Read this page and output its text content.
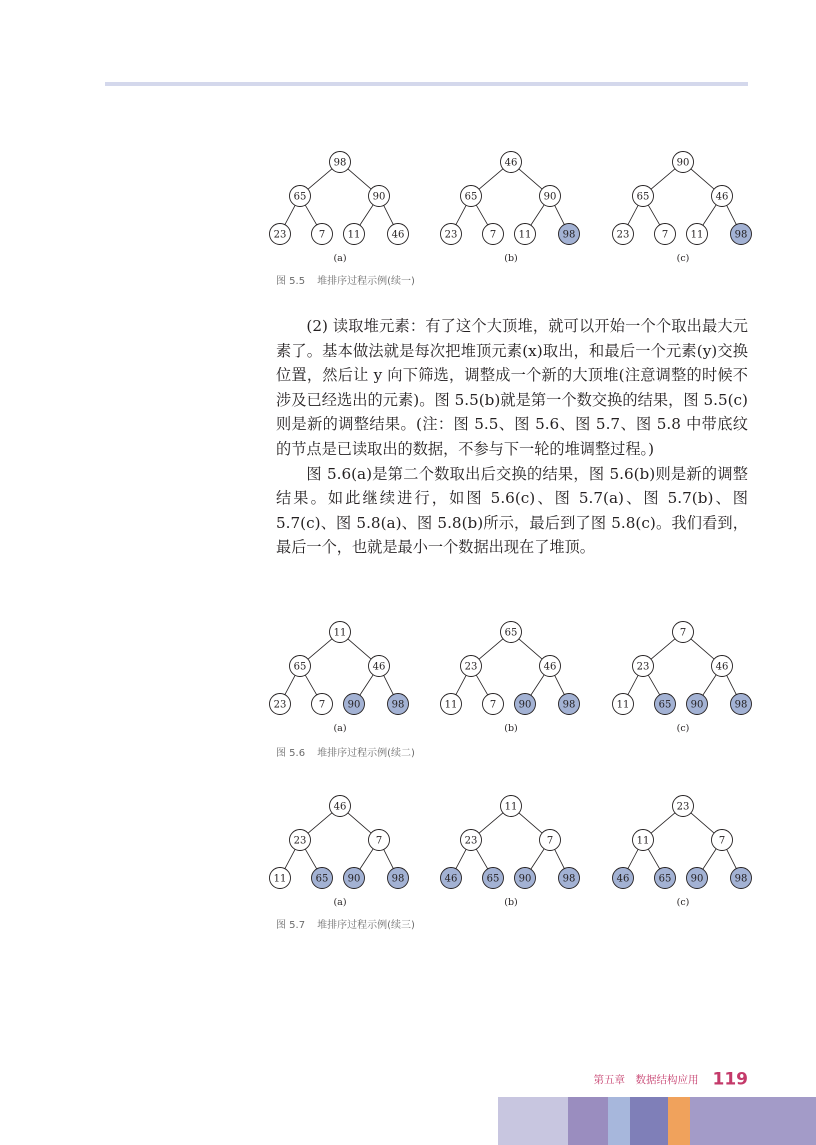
98
65	90
23	7 11	46
(a)
46
65	90
23	7 11	98
(b)
90
65	46
23	7 11	98
(c)
图 5.5 堆排序过程示例(续一)

(2) 读取堆元素：有了这个大顶堆，就可以开始一个个取出最大元素了。基本做法就是每次把堆顶元素(x)取出，和最后一个元素(y)交换位置，然后让 y 向下筛选，调整成一个新的大顶堆(注意调整的时候不涉及已经选出的元素)。图 5.5(b)就是第一个数交换的结果，图 5.5(c)则是新的调整结果。(注：图 5.5、图 5.6、图 5.7、图 5.8 中带底纹的节点是已读取出的数据，不参与下一轮的堆调整过程。)

图 5.6(a)是第二个数取出后交换的结果，图 5.6(b)则是新的调整结果。如此继续进行，如图 5.6(c)、图 5.7(a)、图 5.7(b)、图 5.7(c)、图 5.8(a)、图 5.8(b)所示，最后到了图 5.8(c)。我们看到，最后一个，也就是最小一个数据出现在了堆顶。

11
65	46
23	7 90	98
(a)
65
23	46
11	7 90	98
(b)
7
23	46
11	65 90	98
(c)
图 5.6 堆排序过程示例(续二)
46
23	7
11	65 90	98
(a)
11
23	7
46	65 90	98
(b)
23
11	7
46	65 90	98
(c)
图 5.7 堆排序过程示例(续三)
第五章　数据结构应用 119
